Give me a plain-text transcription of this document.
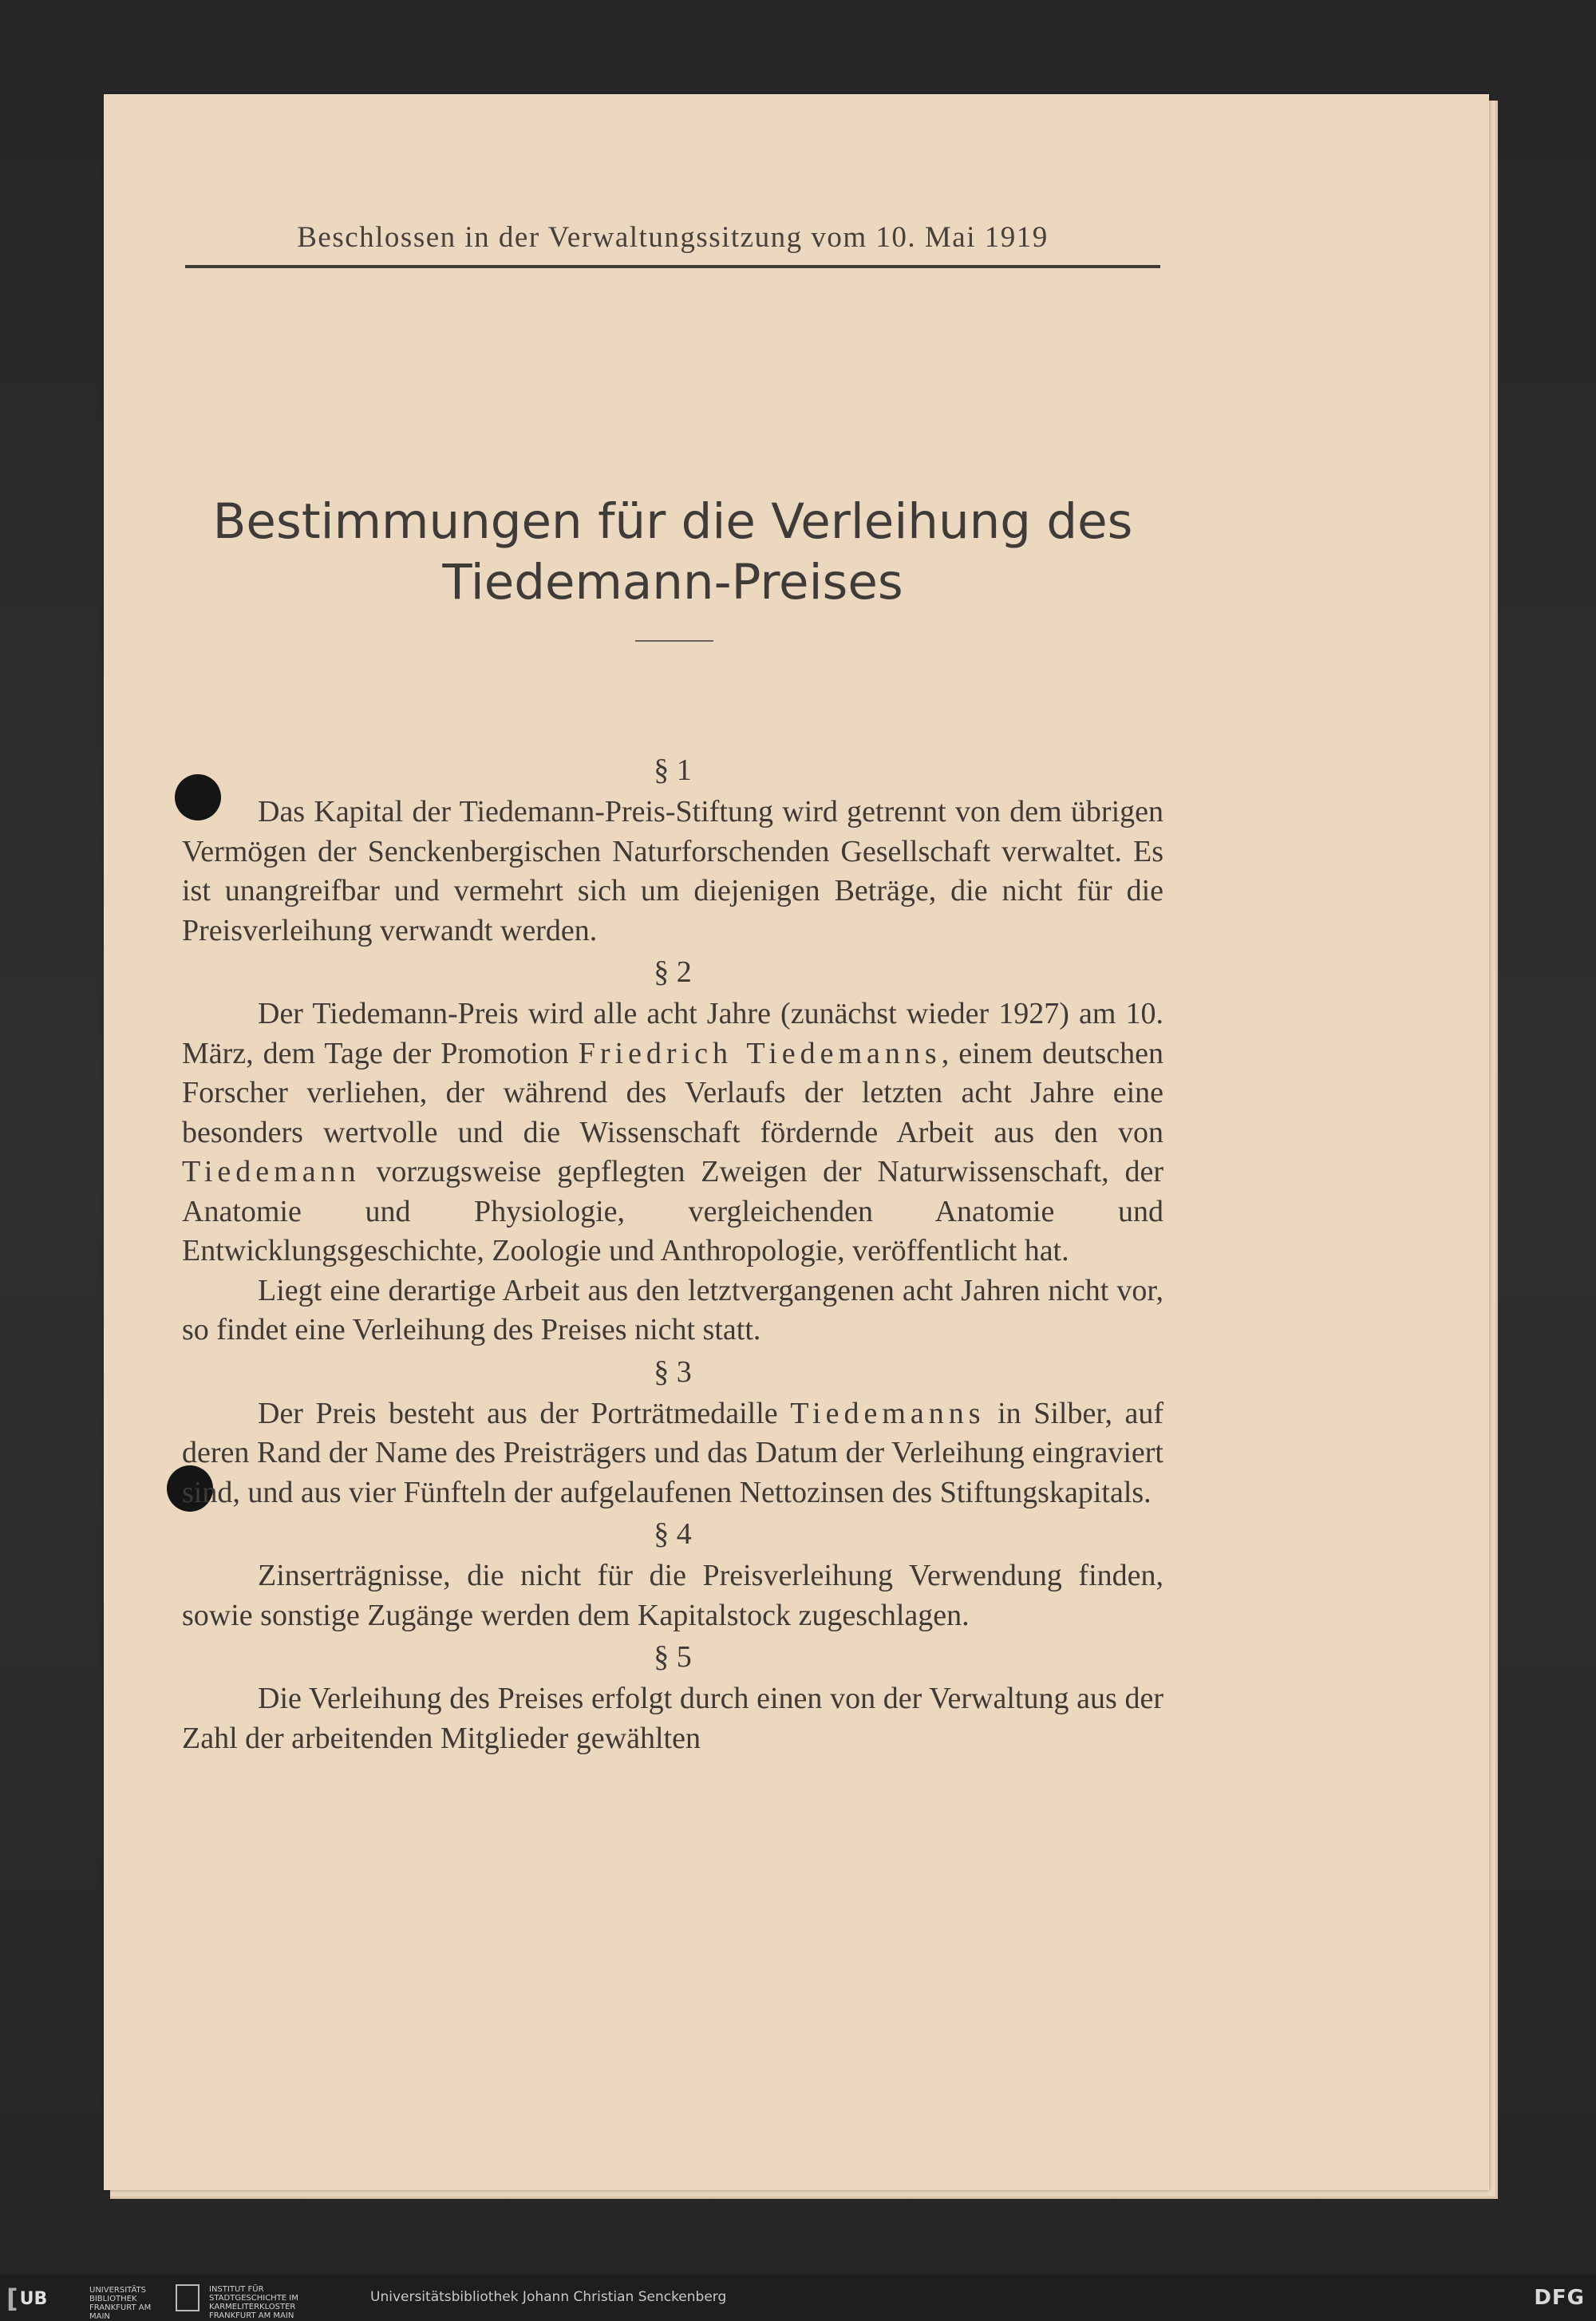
Beschlossen in der Verwaltungssitzung vom 10. Mai 1919
Bestimmungen für die Verleihung des
Tiedemann-Preises
§ 1

Das Kapital der Tiedemann-Preis-Stiftung wird getrennt von dem übrigen Vermögen der Senckenbergischen Naturforschenden Gesellschaft verwaltet. Es ist unangreifbar und vermehrt sich um diejenigen Beträge, die nicht für die Preisverleihung verwandt werden.

§ 2

Der Tiedemann-Preis wird alle acht Jahre (zunächst wieder 1927) am 10. März, dem Tage der Promotion Friedrich Tiedemanns, einem deutschen Forscher verliehen, der während des Verlaufs der letzten acht Jahre eine besonders wertvolle und die Wissenschaft fördernde Arbeit aus den von Tiedemann vorzugsweise gepflegten Zweigen der Naturwissenschaft, der Anatomie und Physiologie, vergleichenden Anatomie und Entwicklungsgeschichte, Zoologie und Anthropologie, veröffentlicht hat.

Liegt eine derartige Arbeit aus den letztvergangenen acht Jahren nicht vor, so findet eine Verleihung des Preises nicht statt.

§ 3

Der Preis besteht aus der Porträtmedaille Tiedemanns in Silber, auf deren Rand der Name des Preisträgers und das Datum der Verleihung eingraviert sind, und aus vier Fünfteln der aufgelaufenen Nettozinsen des Stiftungskapitals.

§ 4

Zinserträgnisse, die nicht für die Preisverleihung Verwendung finden, sowie sonstige Zugänge werden dem Kapitalstock zugeschlagen.

§ 5

Die Verleihung des Preises erfolgt durch einen von der Verwaltung aus der Zahl der arbeitenden Mitglieder gewählten

[ UB	UNIVERSITÄTS BIBLIOTHEK FRANKFURT AM MAIN
INSTITUT FÜR STADTGESCHICHTE IM KARMELITERKLOSTER FRANKFURT AM MAIN
Universitätsbibliothek Johann Christian Senckenberg	DFG
